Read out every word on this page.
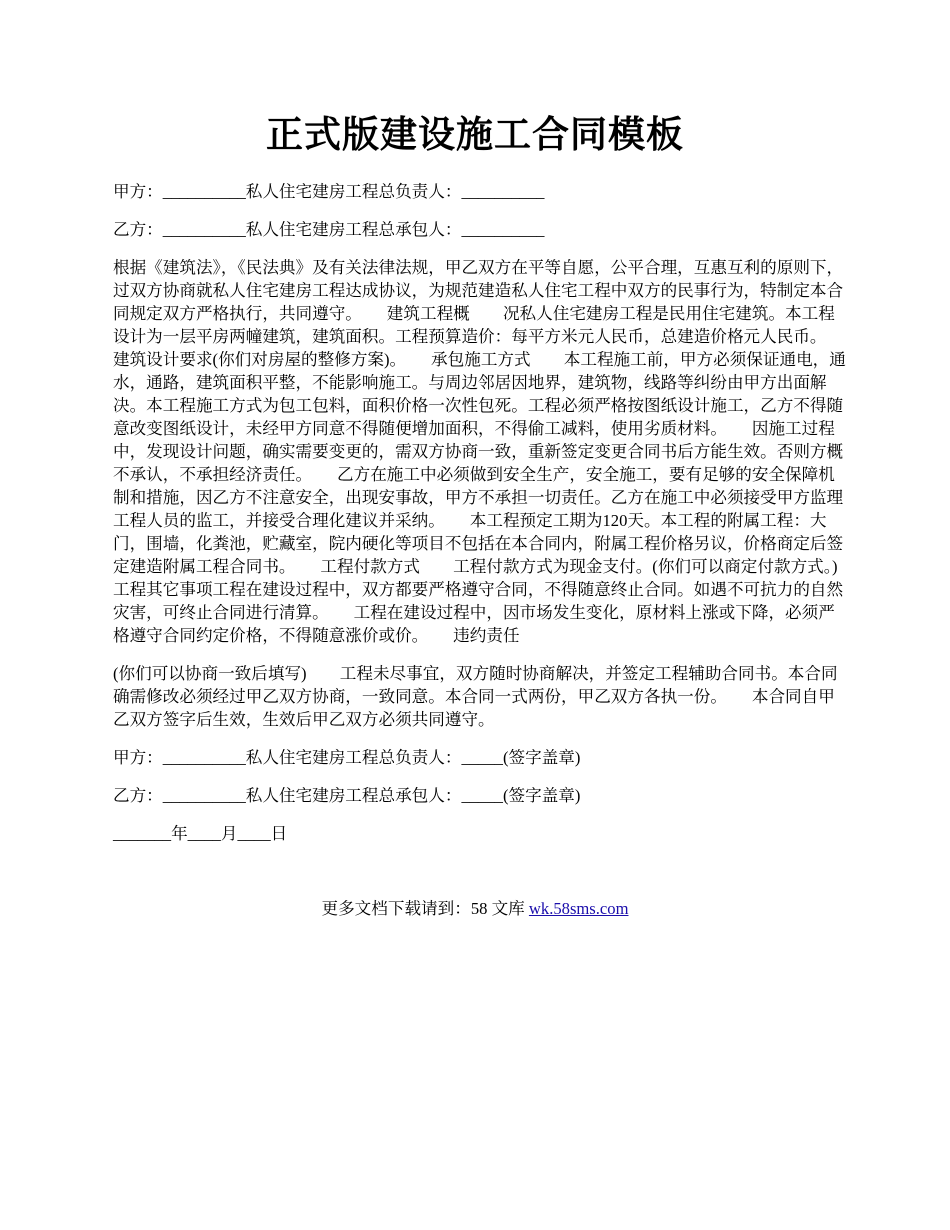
正式版建设施工合同模板

甲方：__________私人住宅建房工程总负责人：__________

乙方：__________私人住宅建房工程总承包人：__________

根据《建筑法》，《民法典》及有关法律法规，甲乙双方在平等自愿，公平合理，互惠互利的原则下，过双方协商就私人住宅建房工程达成协议，为规范建造私人住宅工程中双方的民事行为，特制定本合同规定双方严格执行，共同遵守。　　建筑工程概　　况私人住宅建房工程是民用住宅建筑。本工程设计为一层平房两幢建筑，建筑面积。工程预算造价：每平方米元人民币，总建造价格元人民币。　　建筑设计要求(你们对房屋的整修方案)。　　承包施工方式　　本工程施工前，甲方必须保证通电，通水，通路，建筑面积平整，不能影响施工。与周边邻居因地界，建筑物，线路等纠纷由甲方出面解决。本工程施工方式为包工包料，面积价格一次性包死。工程必须严格按图纸设计施工，乙方不得随意改变图纸设计，未经甲方同意不得随便增加面积，不得偷工减料，使用劣质材料。　　因施工过程中，发现设计问题，确实需要变更的，需双方协商一致，重新签定变更合同书后方能生效。否则方概不承认，不承担经济责任。　　乙方在施工中必须做到安全生产，安全施工，要有足够的安全保障机制和措施，因乙方不注意安全，出现安事故，甲方不承担一切责任。乙方在施工中必须接受甲方监理工程人员的监工，并接受合理化建议并采纳。　　本工程预定工期为120天。本工程的附属工程：大门，围墙，化粪池，贮藏室，院内硬化等项目不包括在本合同内，附属工程价格另议，价格商定后签定建造附属工程合同书。　　工程付款方式　　工程付款方式为现金支付。(你们可以商定付款方式。)　　工程其它事项工程在建设过程中，双方都要严格遵守合同，不得随意终止合同。如遇不可抗力的自然灾害，可终止合同进行清算。　　工程在建设过程中，因市场发生变化，原材料上涨或下降，必须严格遵守合同约定价格，不得随意涨价或价。　　违约责任

(你们可以协商一致后填写)　　工程未尽事宜，双方随时协商解决，并签定工程辅助合同书。本合同确需修改必须经过甲乙双方协商，一致同意。本合同一式两份，甲乙双方各执一份。　　本合同自甲乙双方签字后生效，生效后甲乙双方必须共同遵守。

甲方：__________私人住宅建房工程总负责人：_____(签字盖章)

乙方：__________私人住宅建房工程总承包人：_____(签字盖章)

_______年____月____日

更多文档下载请到：58 文库 wk.58sms.com
